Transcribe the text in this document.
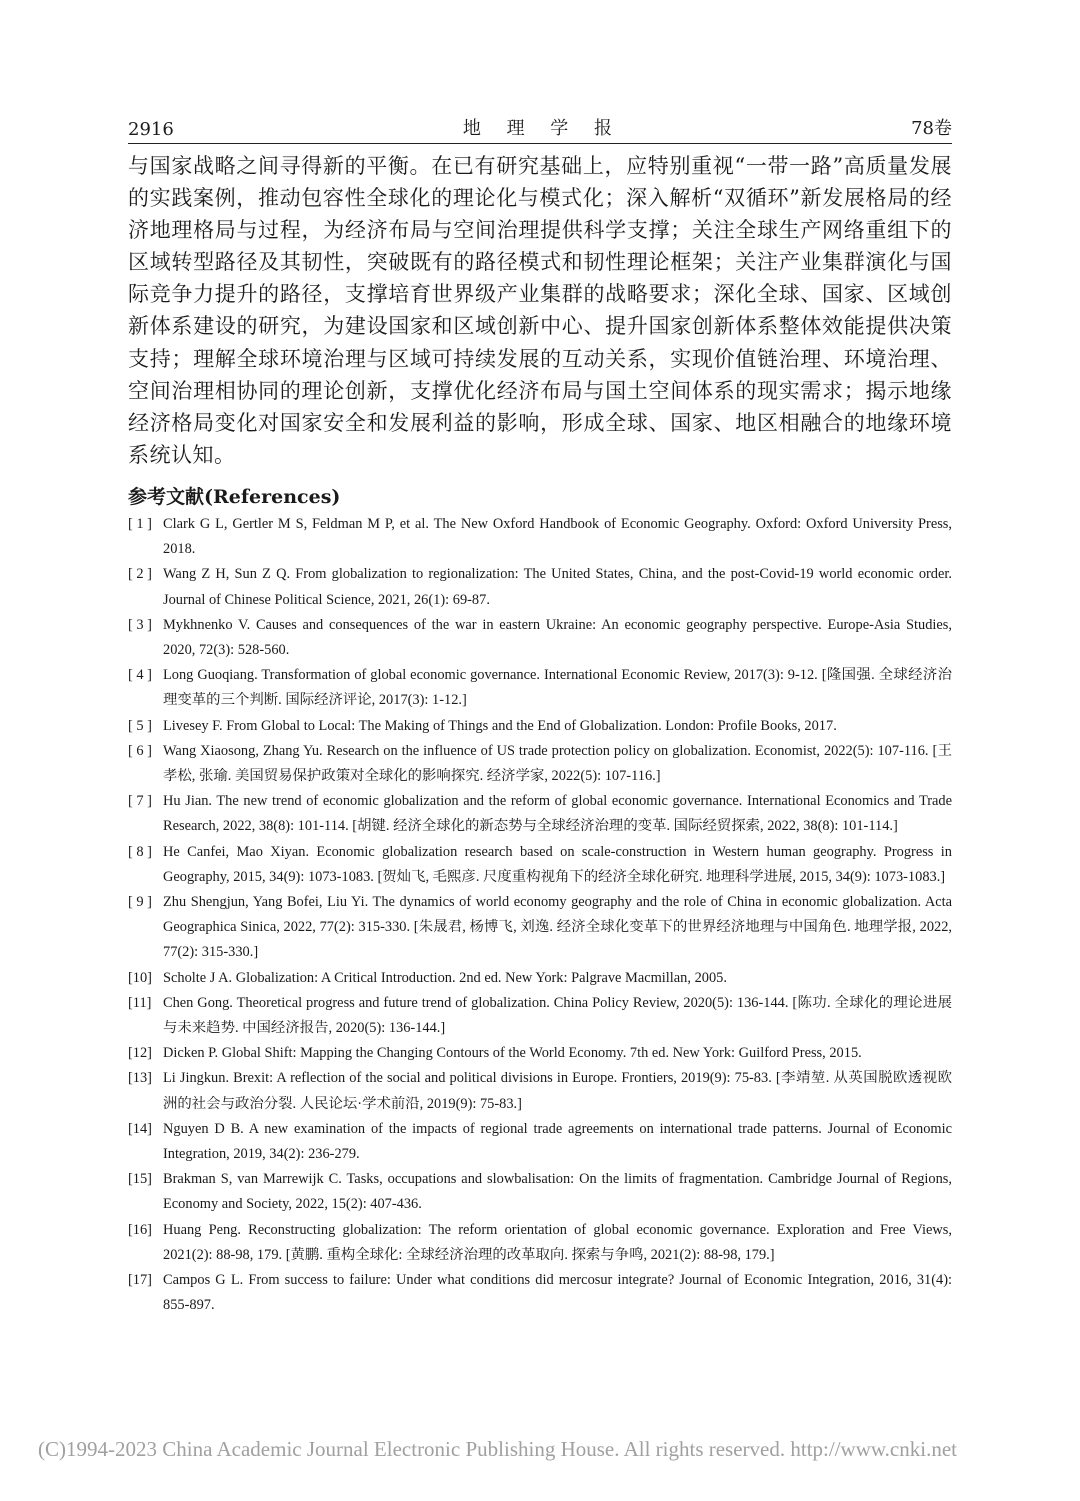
2916	地 理 学 报	78卷
与国家战略之间寻得新的平衡。在已有研究基础上，应特别重视“一带一路”高质量发展的实践案例，推动包容性全球化的理论化与模式化；深入解析“双循环”新发展格局的经济地理格局与过程，为经济布局与空间治理提供科学支撑；关注全球生产网络重组下的区域转型路径及其韧性，突破既有的路径模式和韧性理论框架；关注产业集群演化与国际竞争力提升的路径，支撑培育世界级产业集群的战略要求；深化全球、国家、区域创新体系建设的研究，为建设国家和区域创新中心、提升国家创新体系整体效能提供决策支持；理解全球环境治理与区域可持续发展的互动关系，实现价值链治理、环境治理、空间治理相协同的理论创新，支撑优化经济布局与国土空间体系的现实需求；揭示地缘经济格局变化对国家安全和发展利益的影响，形成全球、国家、地区相融合的地缘环境系统认知。
参考文献(References)
[ 1 ] Clark G L, Gertler M S, Feldman M P, et al. The New Oxford Handbook of Economic Geography. Oxford: Oxford University Press, 2018.
[ 2 ] Wang Z H, Sun Z Q. From globalization to regionalization: The United States, China, and the post-Covid-19 world economic order. Journal of Chinese Political Science, 2021, 26(1): 69-87.
[ 3 ] Mykhnenko V. Causes and consequences of the war in eastern Ukraine: An economic geography perspective. Europe-Asia Studies, 2020, 72(3): 528-560.
[ 4 ] Long Guoqiang. Transformation of global economic governance. International Economic Review, 2017(3): 9-12. [隆国强. 全球经济治理变革的三个判断. 国际经济评论, 2017(3): 1-12.]
[ 5 ] Livesey F. From Global to Local: The Making of Things and the End of Globalization. London: Profile Books, 2017.
[ 6 ] Wang Xiaosong, Zhang Yu. Research on the influence of US trade protection policy on globalization. Economist, 2022(5): 107-116. [王孝松, 张瑜. 美国贸易保护政策对全球化的影响探究. 经济学家, 2022(5): 107-116.]
[ 7 ] Hu Jian. The new trend of economic globalization and the reform of global economic governance. International Economics and Trade Research, 2022, 38(8): 101-114. [胡键. 经济全球化的新态势与全球经济治理的变革. 国际经贸探索, 2022, 38(8): 101-114.]
[ 8 ] He Canfei, Mao Xiyan. Economic globalization research based on scale-construction in Western human geography. Progress in Geography, 2015, 34(9): 1073-1083. [贺灿飞, 毛熙彦. 尺度重构视角下的经济全球化研究. 地理科学进展, 2015, 34(9): 1073-1083.]
[ 9 ] Zhu Shengjun, Yang Bofei, Liu Yi. The dynamics of world economy geography and the role of China in economic globalization. Acta Geographica Sinica, 2022, 77(2): 315-330. [朱晟君, 杨博飞, 刘逸. 经济全球化变革下的世界经济地理与中国角色. 地理学报, 2022, 77(2): 315-330.]
[10] Scholte J A. Globalization: A Critical Introduction. 2nd ed. New York: Palgrave Macmillan, 2005.
[11] Chen Gong. Theoretical progress and future trend of globalization. China Policy Review, 2020(5): 136-144. [陈功. 全球化的理论进展与未来趋势. 中国经济报告, 2020(5): 136-144.]
[12] Dicken P. Global Shift: Mapping the Changing Contours of the World Economy. 7th ed. New York: Guilford Press, 2015.
[13] Li Jingkun. Brexit: A reflection of the social and political divisions in Europe. Frontiers, 2019(9): 75-83. [李靖堃. 从英国脱欧透视欧洲的社会与政治分裂. 人民论坛·学术前沿, 2019(9): 75-83.]
[14] Nguyen D B. A new examination of the impacts of regional trade agreements on international trade patterns. Journal of Economic Integration, 2019, 34(2): 236-279.
[15] Brakman S, van Marrewijk C. Tasks, occupations and slowbalisation: On the limits of fragmentation. Cambridge Journal of Regions, Economy and Society, 2022, 15(2): 407-436.
[16] Huang Peng. Reconstructing globalization: The reform orientation of global economic governance. Exploration and Free Views, 2021(2): 88-98, 179. [黄鹏. 重构全球化: 全球经济治理的改革取向. 探索与争鸣, 2021(2): 88-98, 179.]
[17] Campos G L. From success to failure: Under what conditions did mercosur integrate? Journal of Economic Integration, 2016, 31(4): 855-897.
(C)1994-2023 China Academic Journal Electronic Publishing House. All rights reserved. http://www.cnki.net
